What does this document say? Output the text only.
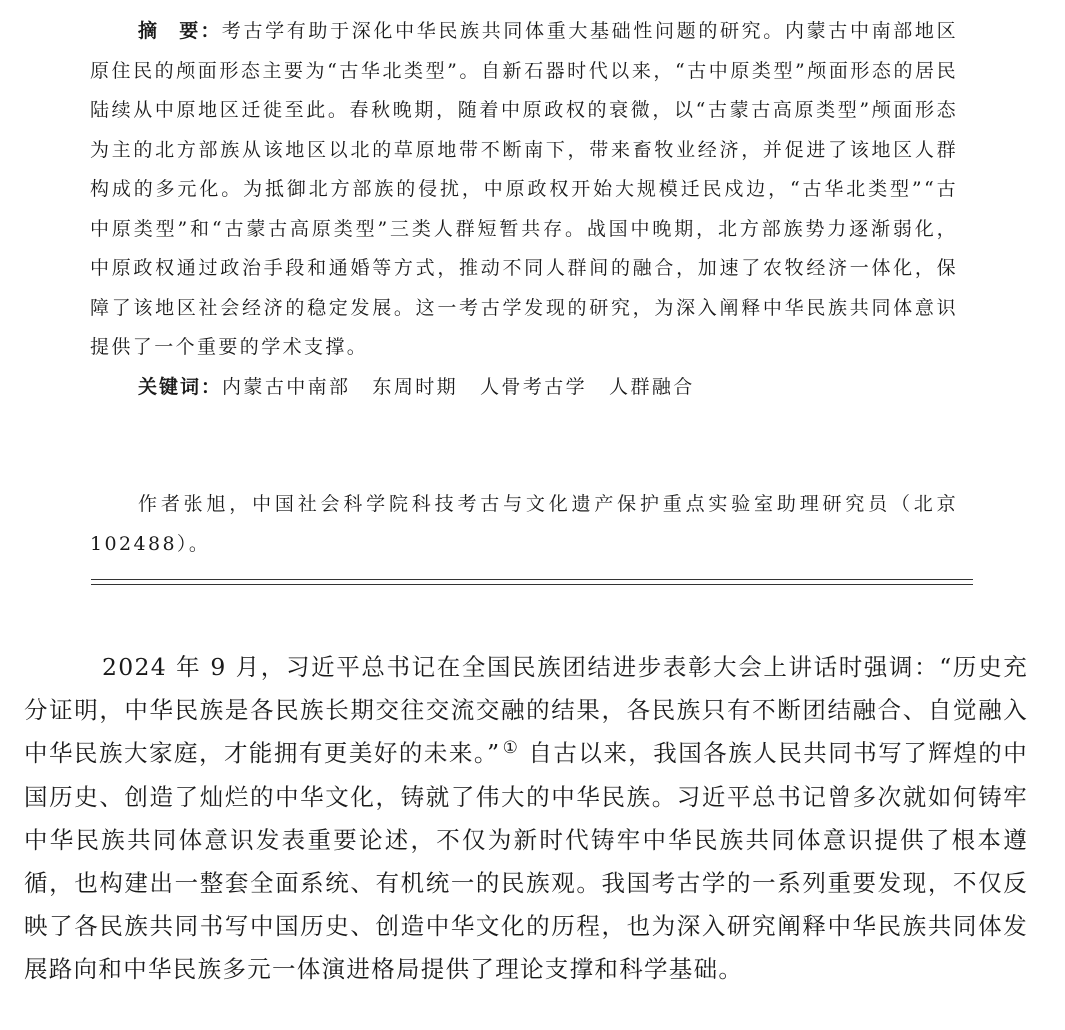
摘要：考古学有助于深化中华民族共同体重大基础性问题的研究。内蒙古中南部地区原住民的颅面形态主要为“古华北类型”。自新石器时代以来，“古中原类型”颅面形态的居民陆续从中原地区迁徙至此。春秋晚期，随着中原政权的衰微，以“古蒙古高原类型”颅面形态为主的北方部族从该地区以北的草原地带不断南下，带来畜牧业经济，并促进了该地区人群构成的多元化。为抵御北方部族的侵扰，中原政权开始大规模迁民戍边，“古华北类型”“古中原类型”和“古蒙古高原类型”三类人群短暂共存。战国中晚期，北方部族势力逐渐弱化，中原政权通过政治手段和通婚等方式，推动不同人群间的融合，加速了农牧经济一体化，保障了该地区社会经济的稳定发展。这一考古学发现的研究，为深入阐释中华民族共同体意识提供了一个重要的学术支撑。

关键词：内蒙古中南部 东周时期 人骨考古学 人群融合

作者张旭，中国社会科学院科技考古与文化遗产保护重点实验室助理研究员（北京　102488）。

2024 年 9 月，习近平总书记在全国民族团结进步表彰大会上讲话时强调：“历史充分证明，中华民族是各民族长期交往交流交融的结果，各民族只有不断团结融合、自觉融入中华民族大家庭，才能拥有更美好的未来。” ① 自古以来，我国各族人民共同书写了辉煌的中国历史、创造了灿烂的中华文化，铸就了伟大的中华民族。习近平总书记曾多次就如何铸牢中华民族共同体意识发表重要论述，不仅为新时代铸牢中华民族共同体意识提供了根本遵循，也构建出一整套全面系统、有机统一的民族观。我国考古学的一系列重要发现，不仅反映了各民族共同书写中国历史、创造中华文化的历程，也为深入研究阐释中华民族共同体发展路向和中华民族多元一体演进格局提供了理论支撑和科学基础。
